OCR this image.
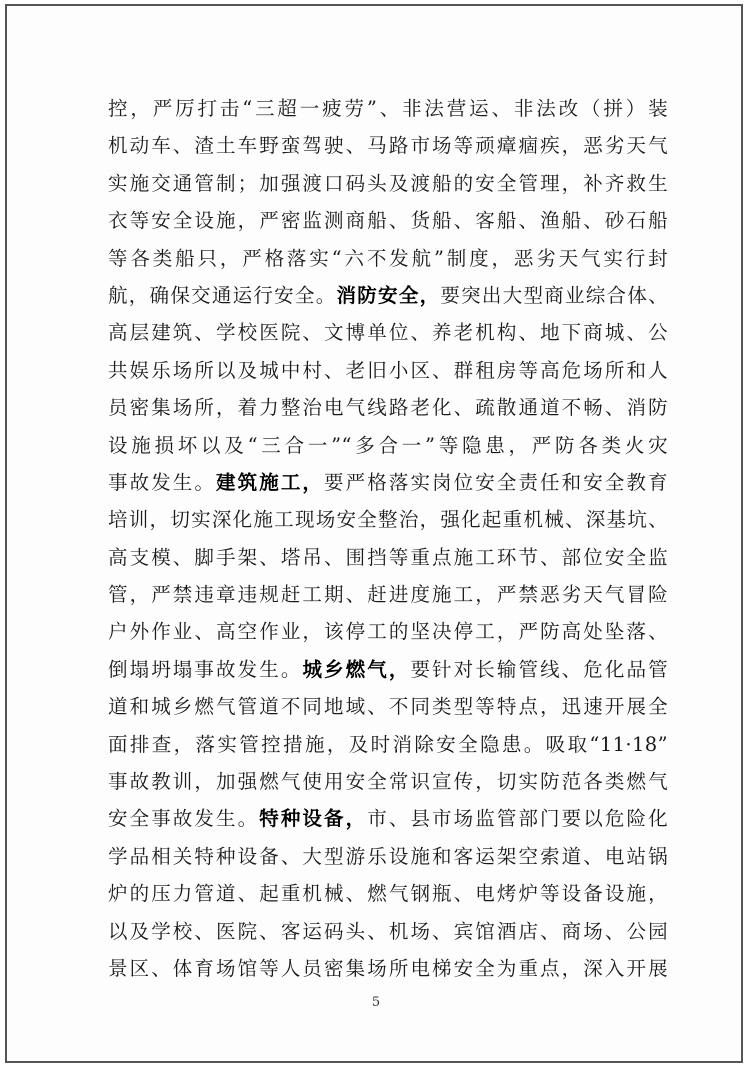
控，严厉打击“三超一疲劳”、非法营运、非法改（拼）装
机动车、渣土车野蛮驾驶、马路市场等顽瘴痼疾，恶劣天气
实施交通管制；加强渡口码头及渡船的安全管理，补齐救生
衣等安全设施，严密监测商船、货船、客船、渔船、砂石船
等各类船只，严格落实“六不发航”制度，恶劣天气实行封
航，确保交通运行安全。消防安全，要突出大型商业综合体、
高层建筑、学校医院、文博单位、养老机构、地下商城、公
共娱乐场所以及城中村、老旧小区、群租房等高危场所和人
员密集场所，着力整治电气线路老化、疏散通道不畅、消防
设施损坏以及“三合一”“多合一”等隐患，严防各类火灾
事故发生。建筑施工，要严格落实岗位安全责任和安全教育
培训，切实深化施工现场安全整治，强化起重机械、深基坑、
高支模、脚手架、塔吊、围挡等重点施工环节、部位安全监
管，严禁违章违规赶工期、赶进度施工，严禁恶劣天气冒险
户外作业、高空作业，该停工的坚决停工，严防高处坠落、
倒塌坍塌事故发生。城乡燃气，要针对长输管线、危化品管
道和城乡燃气管道不同地域、不同类型等特点，迅速开展全
面排查，落实管控措施，及时消除安全隐患。吸取“11·18”
事故教训，加强燃气使用安全常识宣传，切实防范各类燃气
安全事故发生。特种设备，市、县市场监管部门要以危险化
学品相关特种设备、大型游乐设施和客运架空索道、电站锅
炉的压力管道、起重机械、燃气钢瓶、电烤炉等设备设施，
以及学校、医院、客运码头、机场、宾馆酒店、商场、公园
景区、体育场馆等人员密集场所电梯安全为重点，深入开展
5
